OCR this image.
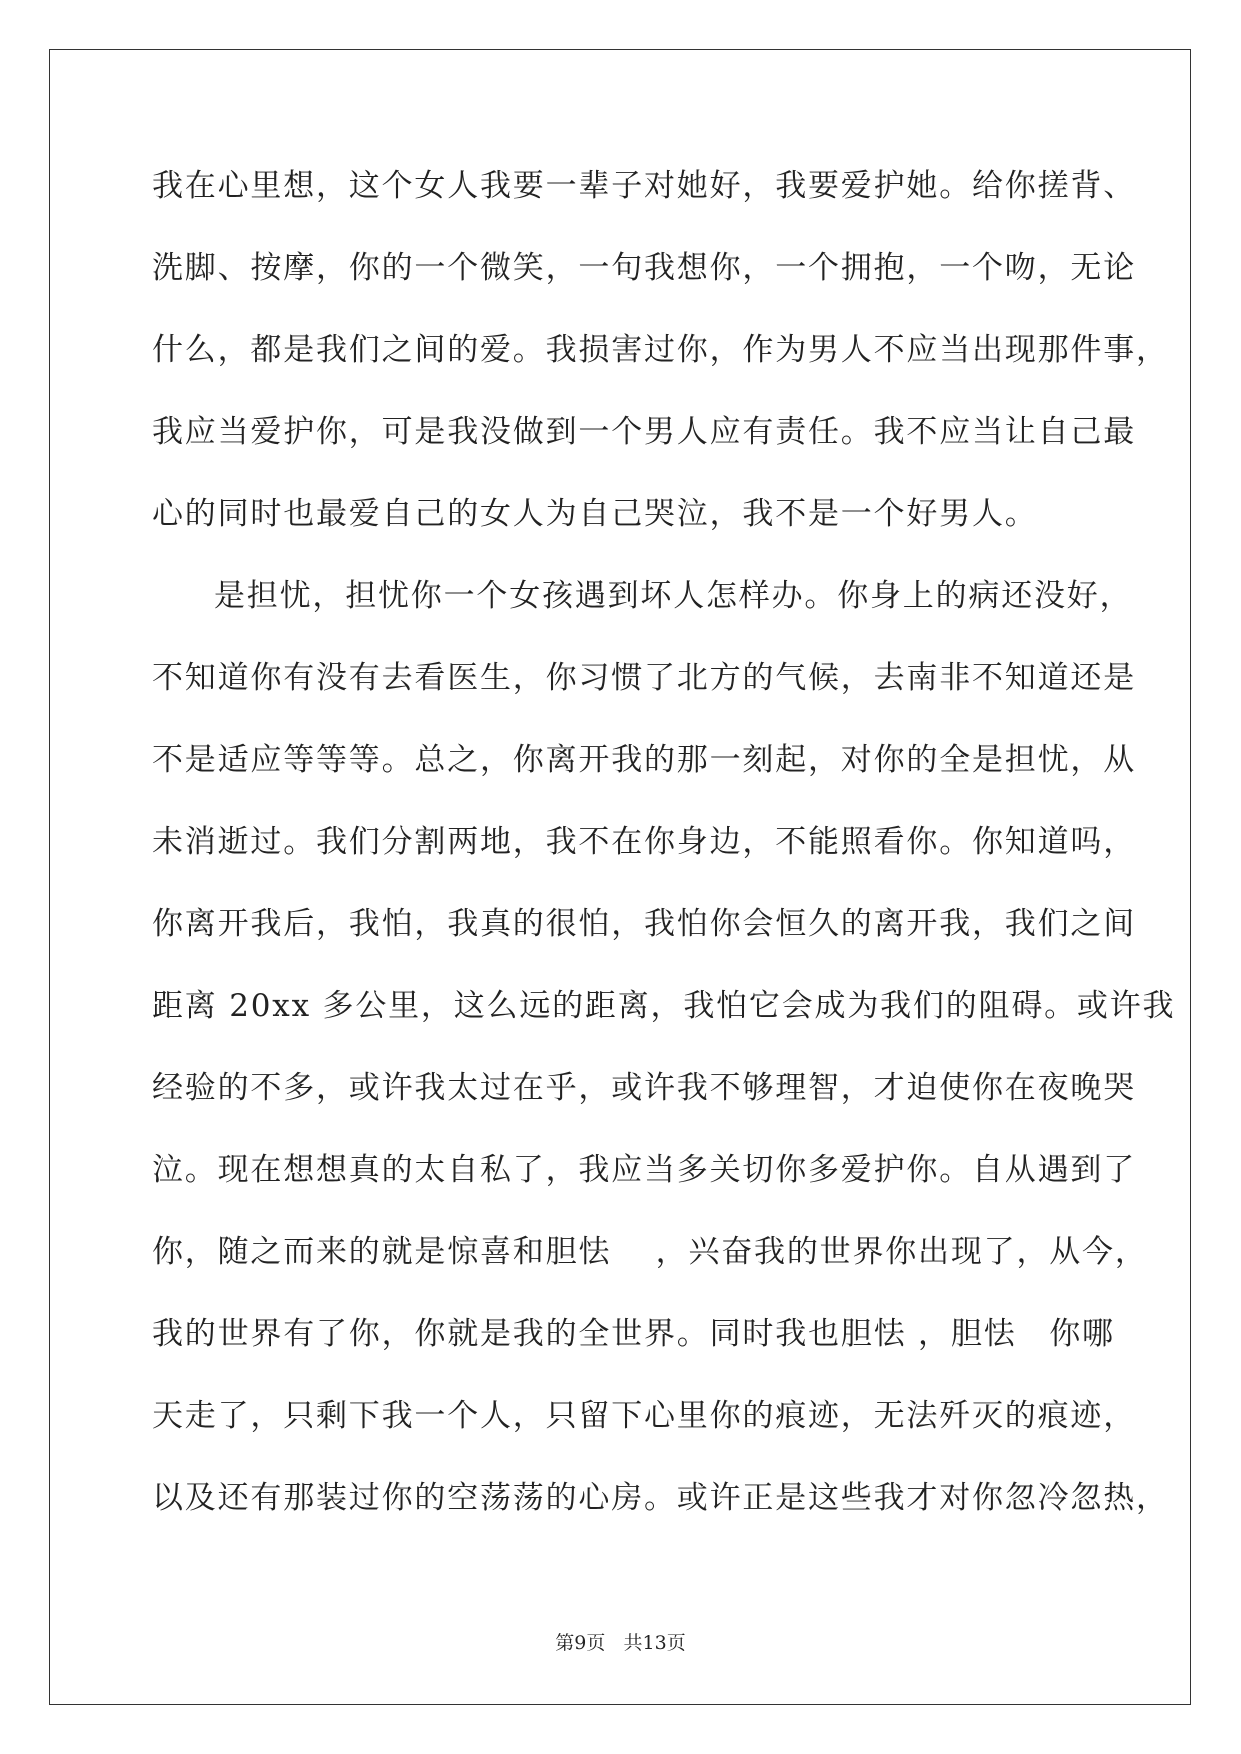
我在心里想，这个女人我要一辈子对她好，我要爱护她。给你搓背、
洗脚、按摩，你的一个微笑，一句我想你，一个拥抱，一个吻，无论
什么，都是我们之间的爱。我损害过你，作为男人不应当出现那件事，
我应当爱护你，可是我没做到一个男人应有责任。我不应当让自己最
心的同时也最爱自己的女人为自己哭泣，我不是一个好男人。
是担忧，担忧你一个女孩遇到坏人怎样办。你身上的病还没好，
不知道你有没有去看医生，你习惯了北方的气候，去南非不知道还是
不是适应等等等。总之，你离开我的那一刻起，对你的全是担忧，从
未消逝过。我们分割两地，我不在你身边，不能照看你。你知道吗，
你离开我后，我怕，我真的很怕，我怕你会恒久的离开我，我们之间
距离 20xx 多公里，这么远的距离，我怕它会成为我们的阻碍。或许我
经验的不多，或许我太过在乎，或许我不够理智，才迫使你在夜晚哭
泣。现在想想真的太自私了，我应当多关切你多爱护你。自从遇到了
你，随之而来的就是惊喜和胆怯　 ，兴奋我的世界你出现了，从今，
我的世界有了你，你就是我的全世界。同时我也胆怯 ，胆怯　你哪
天走了，只剩下我一个人，只留下心里你的痕迹，无法歼灭的痕迹，
以及还有那装过你的空荡荡的心房。或许正是这些我才对你忽冷忽热，
第9页 共13页
